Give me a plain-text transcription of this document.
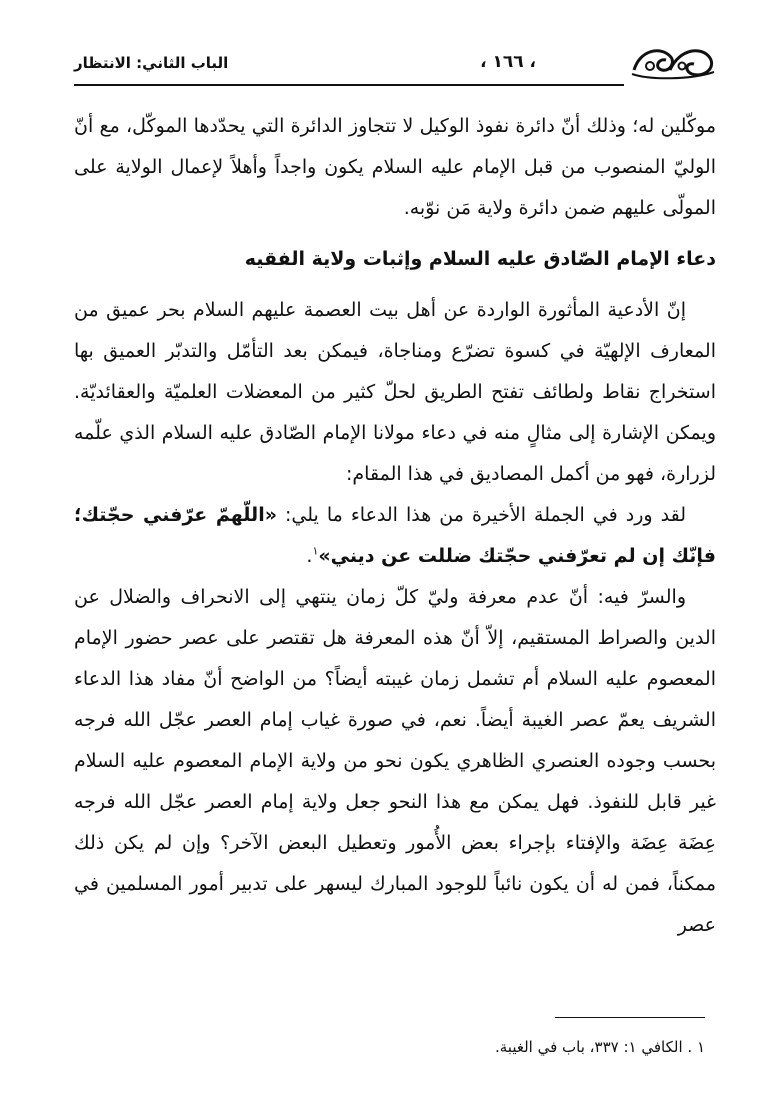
، ١٦٦ ،
الباب الثاني: الانتظار

موكّلين له؛ وذلك أنّ دائرة نفوذ الوكيل لا تتجاوز الدائرة التي يحدّدها الموكّل، مع أنّ الوليّ المنصوب من قبل الإمام عليه السلام يكون واجداً وأهلاً لإعمال الولاية على المولّى عليهم ضمن دائرة ولاية مَن نوّبه.

دعاء الإمام الصّادق عليه السلام وإثبات ولاية الفقيه

إنّ الأدعية المأثورة الواردة عن أهل بيت العصمة عليهم السلام بحر عميق من المعارف الإلهيّة في كسوة تضرّع ومناجاة، فيمكن بعد التأمّل والتدبّر العميق بها استخراج نقاط ولطائف تفتح الطريق لحلّ كثير من المعضلات العلميّة والعقائديّة. ويمكن الإشارة إلى مثالٍ منه في دعاء مولانا الإمام الصّادق عليه السلام الذي علّمه لزرارة، فهو من أكمل المصاديق في هذا المقام:

لقد ورد في الجملة الأخيرة من هذا الدعاء ما يلي: «اللّهمّ عرّفني حجّتك؛ فإنّك إن لم تعرّفني حجّتك ضللت عن ديني»$^١$.

والسرّ فيه: أنّ عدم معرفة وليّ كلّ زمان ينتهي إلى الانحراف والضلال عن الدين والصراط المستقيم، إلاّ أنّ هذه المعرفة هل تقتصر على عصر حضور الإمام المعصوم عليه السلام أم تشمل زمان غيبته أيضاً؟ من الواضح أنّ مفاد هذا الدعاء الشريف يعمّ عصر الغيبة أيضاً. نعم، في صورة غياب إمام العصر عجّل الله فرجه بحسب وجوده العنصري الظاهري يكون نحو من ولاية الإمام المعصوم عليه السلام غير قابل للنفوذ. فهل يمكن مع هذا النحو جعل ولاية إمام العصر عجّل الله فرجه عِضَة عِضَة والإفتاء بإجراء بعض الأُمور وتعطيل البعض الآخر؟ وإن لم يكن ذلك ممكناً، فمن له أن يكون نائباً للوجود المبارك ليسهر على تدبير أمور المسلمين في عصر

١ . الكافي ١: ٣٣٧، باب في الغيبة.
